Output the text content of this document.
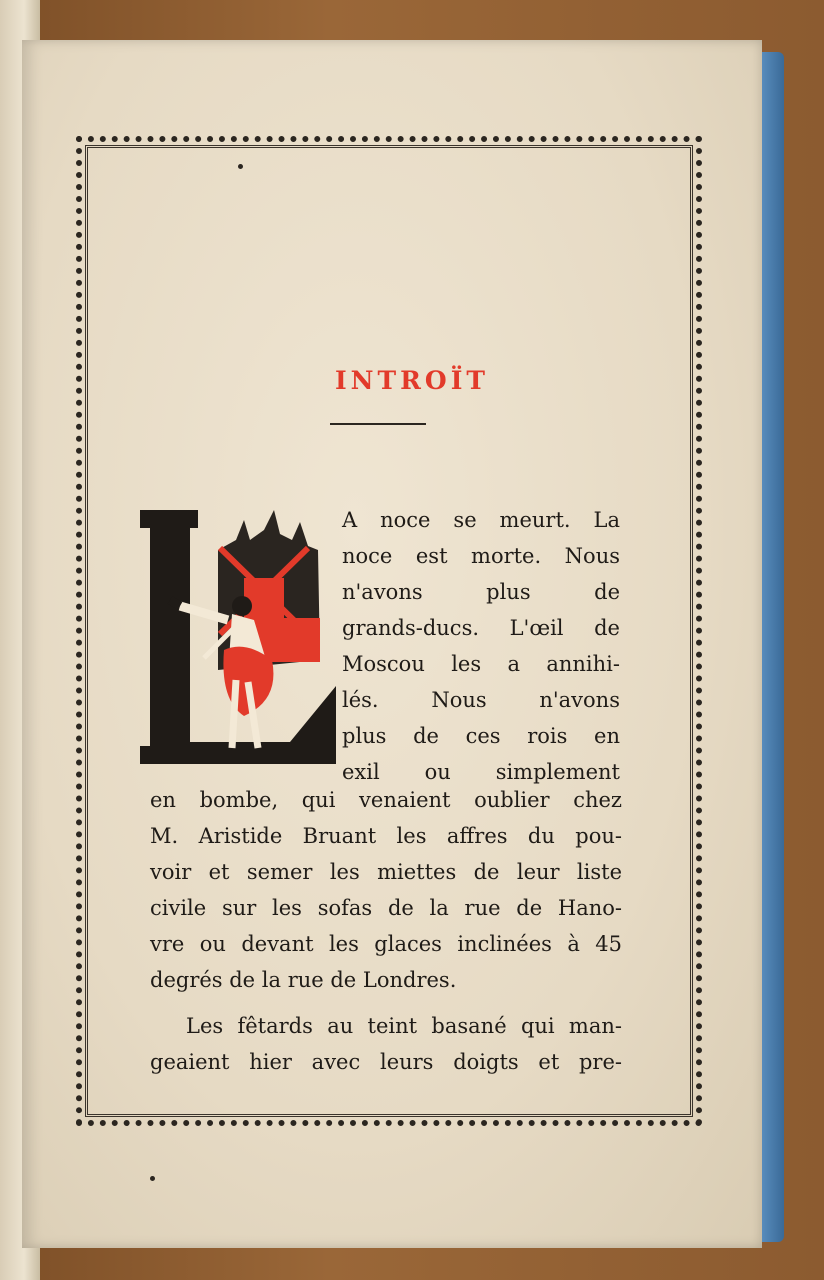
INTROÏT
A noce se meurt. La
noce est morte. Nous
n'avons plus de
grands-ducs. L'œil de
Moscou les a annihi-
lés. Nous n'avons
plus de ces rois en
exil ou simplement
en bombe, qui venaient oublier chez
M. Aristide Bruant les affres du pou-
voir et semer les miettes de leur liste
civile sur les sofas de la rue de Hano-
vre ou devant les glaces inclinées à 45
degrés de la rue de Londres.
Les fêtards au teint basané qui man-
geaient hier avec leurs doigts et pre-
